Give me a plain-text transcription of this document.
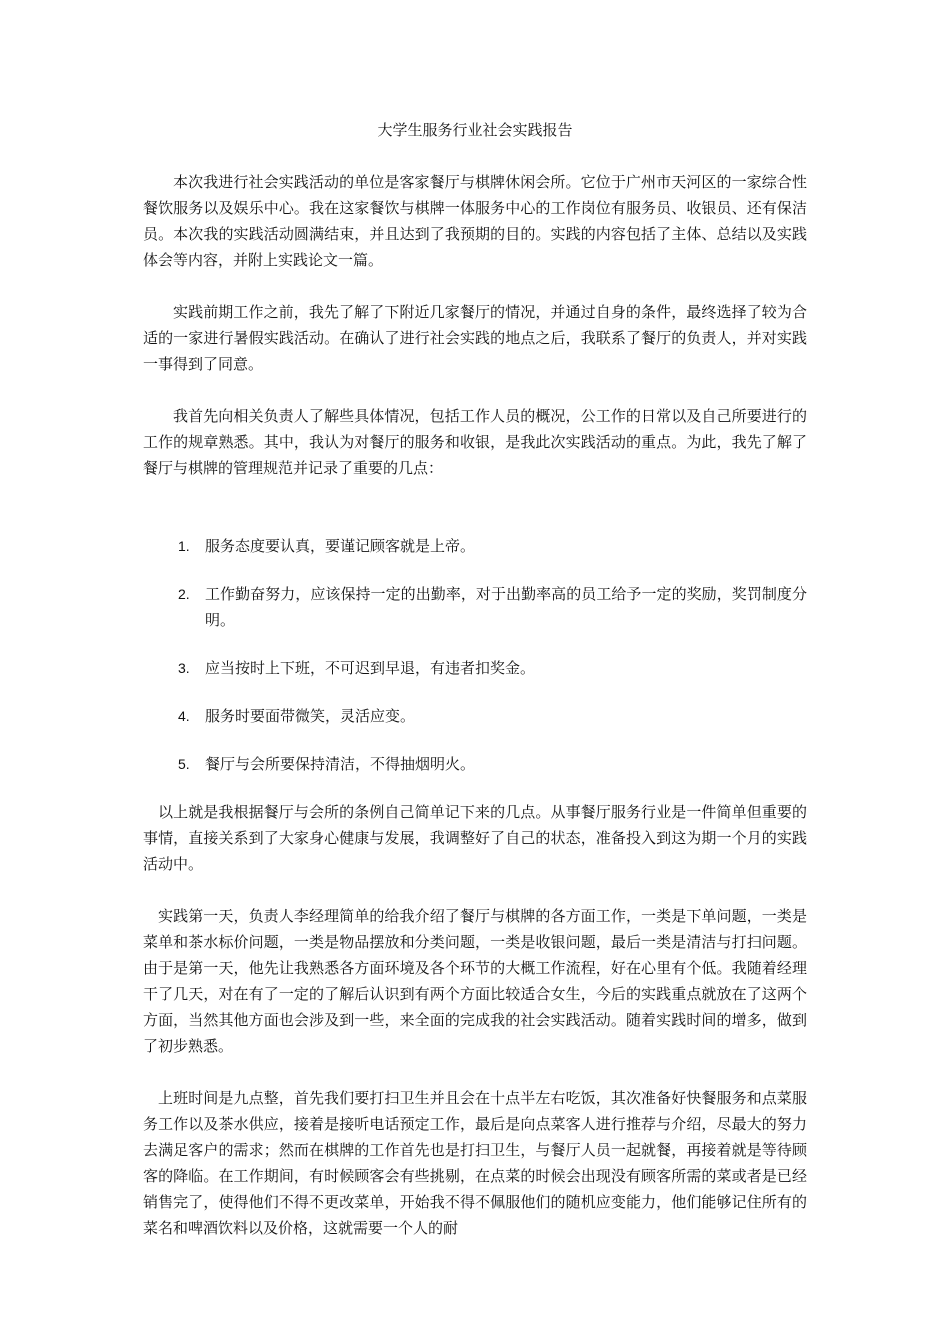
大学生服务行业社会实践报告

本次我进行社会实践活动的单位是客家餐厅与棋牌休闲会所。它位于广州市天河区的一家综合性餐饮服务以及娱乐中心。我在这家餐饮与棋牌一体服务中心的工作岗位有服务员、收银员、还有保洁员。本次我的实践活动圆满结束，并且达到了我预期的目的。实践的内容包括了主体、总结以及实践体会等内容，并附上实践论文一篇。

实践前期工作之前，我先了解了下附近几家餐厅的情况，并通过自身的条件，最终选择了较为合适的一家进行暑假实践活动。在确认了进行社会实践的地点之后，我联系了餐厅的负责人，并对实践一事得到了同意。

我首先向相关负责人了解些具体情况，包括工作人员的概况，公工作的日常以及自己所要进行的工作的规章熟悉。其中，我认为对餐厅的服务和收银，是我此次实践活动的重点。为此，我先了解了餐厅与棋牌的管理规范并记录了重要的几点：

1. 服务态度要认真，要谨记顾客就是上帝。
2. 工作勤奋努力，应该保持一定的出勤率，对于出勤率高的员工给予一定的奖励，奖罚制度分明。
3. 应当按时上下班，不可迟到早退，有违者扣奖金。
4. 服务时要面带微笑，灵活应变。
5. 餐厅与会所要保持清洁，不得抽烟明火。

以上就是我根据餐厅与会所的条例自己简单记下来的几点。从事餐厅服务行业是一件简单但重要的事情，直接关系到了大家身心健康与发展，我调整好了自己的状态，准备投入到这为期一个月的实践活动中。

实践第一天，负责人李经理简单的给我介绍了餐厅与棋牌的各方面工作，一类是下单问题，一类是菜单和茶水标价问题，一类是物品摆放和分类问题，一类是收银问题，最后一类是清洁与打扫问题。由于是第一天，他先让我熟悉各方面环境及各个环节的大概工作流程，好在心里有个低。我随着经理干了几天，对在有了一定的了解后认识到有两个方面比较适合女生，今后的实践重点就放在了这两个方面，当然其他方面也会涉及到一些，来全面的完成我的社会实践活动。随着实践时间的增多，做到了初步熟悉。

上班时间是九点整，首先我们要打扫卫生并且会在十点半左右吃饭，其次准备好快餐服务和点菜服务工作以及茶水供应，接着是接听电话预定工作，最后是向点菜客人进行推荐与介绍，尽最大的努力去满足客户的需求；然而在棋牌的工作首先也是打扫卫生，与餐厅人员一起就餐，再接着就是等待顾客的降临。在工作期间，有时候顾客会有些挑剔，在点菜的时候会出现没有顾客所需的菜或者是已经销售完了，使得他们不得不更改菜单，开始我不得不佩服他们的随机应变能力，他们能够记住所有的菜名和啤酒饮料以及价格，这就需要一个人的耐
